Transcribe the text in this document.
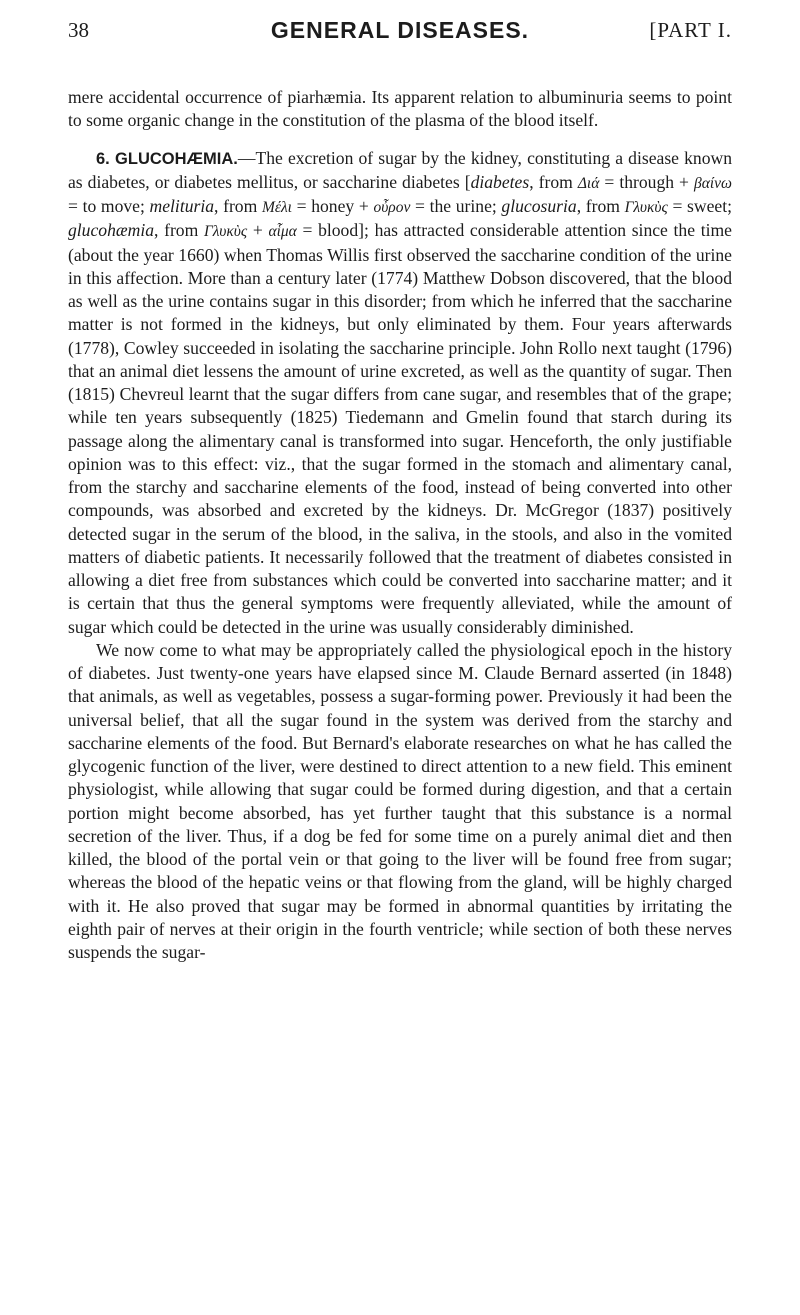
38	GENERAL DISEASES.	[PART I.

mere accidental occurrence of piarhæmia. Its apparent relation to albuminuria seems to point to some organic change in the constitution of the plasma of the blood itself.

6. GLUCOHÆMIA.—The excretion of sugar by the kidney, constituting a disease known as diabetes, or diabetes mellitus, or saccharine diabetes [diabetes, from Διά = through + βαίνω = to move; melituria, from Μέλι = honey + οὖρον = the urine; glucosuria, from Γλυκὺς = sweet; glucohæmia, from Γλυκὺς + αἷμα = blood]; has attracted considerable attention since the time (about the year 1660) when Thomas Willis first observed the saccharine condition of the urine in this affection. More than a century later (1774) Matthew Dobson discovered, that the blood as well as the urine contains sugar in this disorder; from which he inferred that the saccharine matter is not formed in the kidneys, but only eliminated by them. Four years afterwards (1778), Cowley succeeded in isolating the saccharine principle. John Rollo next taught (1796) that an animal diet lessens the amount of urine excreted, as well as the quantity of sugar. Then (1815) Chevreul learnt that the sugar differs from cane sugar, and resembles that of the grape; while ten years subsequently (1825) Tiedemann and Gmelin found that starch during its passage along the alimentary canal is transformed into sugar. Henceforth, the only justifiable opinion was to this effect: viz., that the sugar formed in the stomach and alimentary canal, from the starchy and saccharine elements of the food, instead of being converted into other compounds, was absorbed and excreted by the kidneys. Dr. McGregor (1837) positively detected sugar in the serum of the blood, in the saliva, in the stools, and also in the vomited matters of diabetic patients. It necessarily followed that the treatment of diabetes consisted in allowing a diet free from substances which could be converted into saccharine matter; and it is certain that thus the general symptoms were frequently alleviated, while the amount of sugar which could be detected in the urine was usually considerably diminished.

We now come to what may be appropriately called the physiological epoch in the history of diabetes. Just twenty-one years have elapsed since M. Claude Bernard asserted (in 1848) that animals, as well as vegetables, possess a sugar-forming power. Previously it had been the universal belief, that all the sugar found in the system was derived from the starchy and saccharine elements of the food. But Bernard's elaborate researches on what he has called the glycogenic function of the liver, were destined to direct attention to a new field. This eminent physiologist, while allowing that sugar could be formed during digestion, and that a certain portion might become absorbed, has yet further taught that this substance is a normal secretion of the liver. Thus, if a dog be fed for some time on a purely animal diet and then killed, the blood of the portal vein or that going to the liver will be found free from sugar; whereas the blood of the hepatic veins or that flowing from the gland, will be highly charged with it. He also proved that sugar may be formed in abnormal quantities by irritating the eighth pair of nerves at their origin in the fourth ventricle; while section of both these nerves suspends the sugar-
